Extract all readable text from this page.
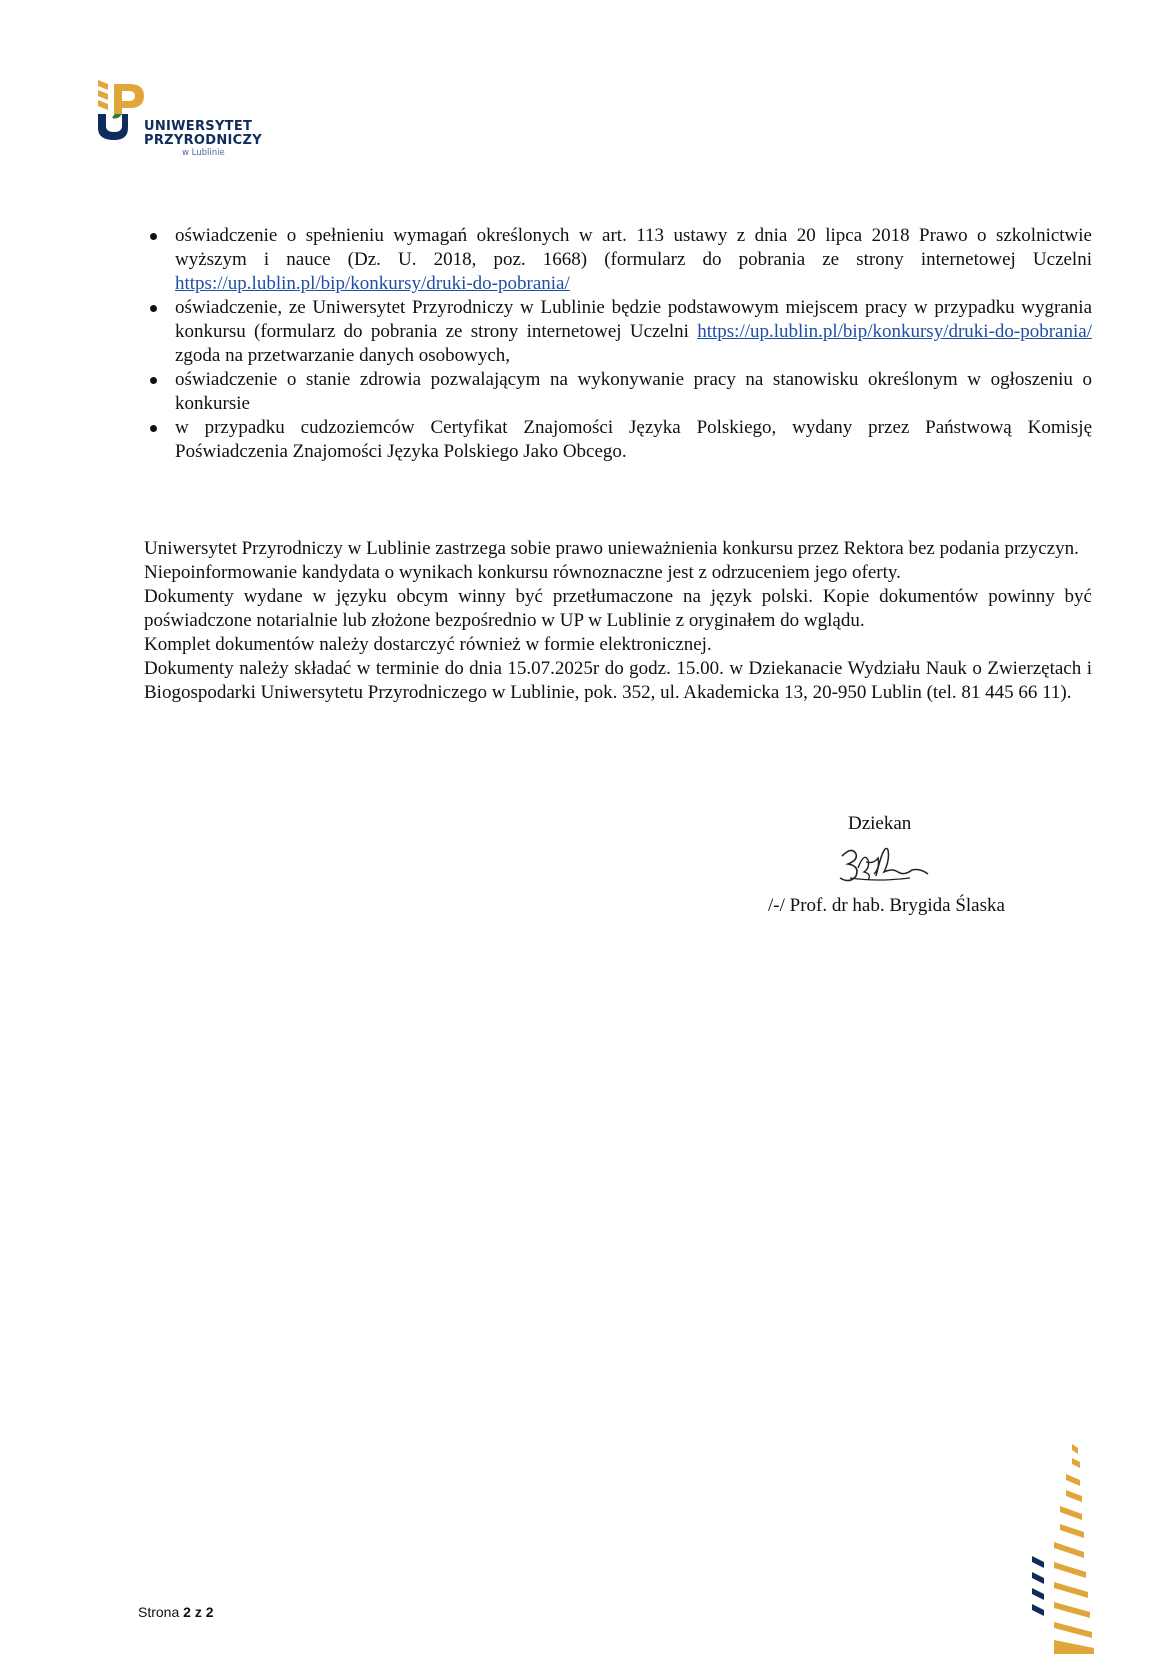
UNIWERSYTET
PRZYRODNICZY
w Lublinie
oświadczenie o spełnieniu wymagań określonych w art. 113 ustawy z dnia 20 lipca 2018 Prawo o szkolnictwie wyższym i nauce (Dz. U. 2018, poz. 1668) (formularz do pobrania ze strony internetowej Uczelni https://up.lublin.pl/bip/konkursy/druki-do-pobrania/
oświadczenie, ze Uniwersytet Przyrodniczy w Lublinie będzie podstawowym miejscem pracy w przypadku wygrania konkursu (formularz do pobrania ze strony internetowej Uczelni https://up.lublin.pl/bip/konkursy/druki-do-pobrania/ zgoda na przetwarzanie danych osobowych,
oświadczenie o stanie zdrowia pozwalającym na wykonywanie pracy na stanowisku określonym w ogłoszeniu o konkursie
w przypadku cudzoziemców Certyfikat Znajomości Języka Polskiego, wydany przez Państwową Komisję Poświadczenia Znajomości Języka Polskiego Jako Obcego.

Uniwersytet Przyrodniczy w Lublinie zastrzega sobie prawo unieważnienia konkursu przez Rektora bez podania przyczyn.

Niepoinformowanie kandydata o wynikach konkursu równoznaczne jest z odrzuceniem jego oferty.

Dokumenty wydane w języku obcym winny być przetłumaczone na język polski. Kopie dokumentów powinny być poświadczone notarialnie lub złożone bezpośrednio w UP w Lublinie z oryginałem do wglądu.

Komplet dokumentów należy dostarczyć również w formie elektronicznej.

Dokumenty należy składać w terminie do dnia 15.07.2025r do godz. 15.00. w Dziekanacie Wydziału Nauk o Zwierzętach i Biogospodarki Uniwersytetu Przyrodniczego w Lublinie, pok. 352, ul. Akademicka 13, 20-950 Lublin (tel. 81 445 66 11).

Dziekan
/-/ Prof. dr hab. Brygida Ślaska
Strona 2 z 2
